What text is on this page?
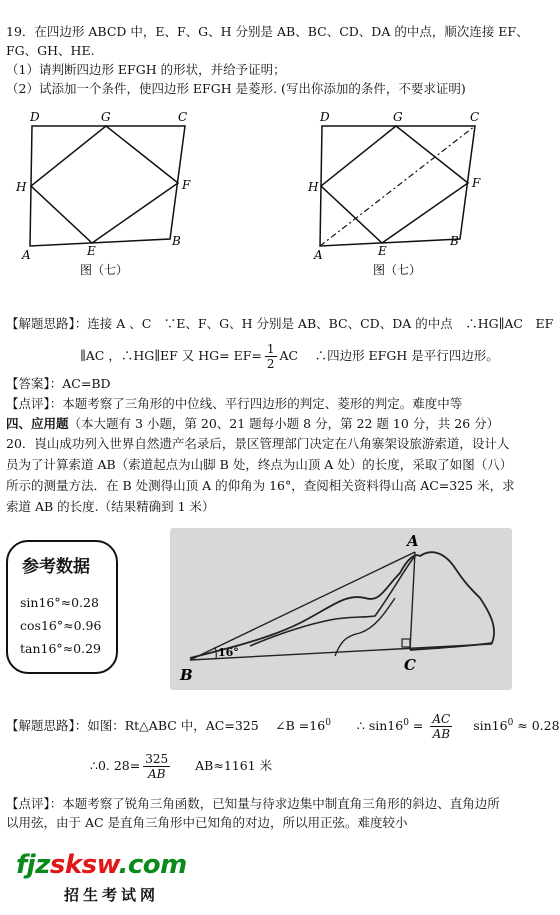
19．在四边形 ABCD 中，E、F、G、H 分别是 AB、BC、CD、DA 的中点，顺次连接 EF、
FG、GH、HE.
（1）请判断四边形 EFGH 的形状，并给予证明；
（2）试添加一个条件，使四边形 EFGH 是菱形. (写出你添加的条件，不要求证明)
D	G	C
H	F
A	E
B
图（七）
D	G	C
H	F
A	E
B
图（七）
【解题思路】：连接 A 、C　∵E、F、G、H 分别是 AB、BC、CD、DA 的中点　∴HG∥AC　EF
∥AC ，∴HG∥EF 又 $HG= EF= \frac{1}{2}$ AC　 ∴四边形 EFGH 是平行四边形。
【答案】：AC=BD
【点评】：本题考察了三角形的中位线、平行四边形的判定、菱形的判定。难度中等
四、应用题（本大题有 3 小题，第 20、21 题每小题 8 分，第 22 题 10 分，共 26 分）
20．崀山成功列入世界自然遗产名录后，景区管理部门决定在八角寨架设旅游索道，设计人
员为了计算索道 AB（索道起点为山脚 B 处，终点为山顶 A 处）的长度，采取了如图（八）
所示的测量方法．在 B 处测得山顶 A 的仰角为 16°，查阅相关资料得山高 AC=325 米，求
索道 AB 的长度.（结果精确到 1 米）
参考数据
sin16°≈0.28
cos16°≈0.96
tan16°≈0.29
A
B
C
16°
【解题思路】：如图：Rt△ABC 中，AC=325　 ∠B $=16^0$ ∴ $\sin 16^0 = \frac{AC}{AB} \sin 16^0 \approx 0.28$
∴0. $28= \frac{325}{AB} AB\approx 1161$ 米
【点评】：本题考察了锐角三角函数，已知量与待求边集中制直角三角形的斜边、直角边所
以用弦，由于 AC 是直角三角形中已知角的对边，所以用正弦。难度较小
fjzsksw.com
招生考试网
